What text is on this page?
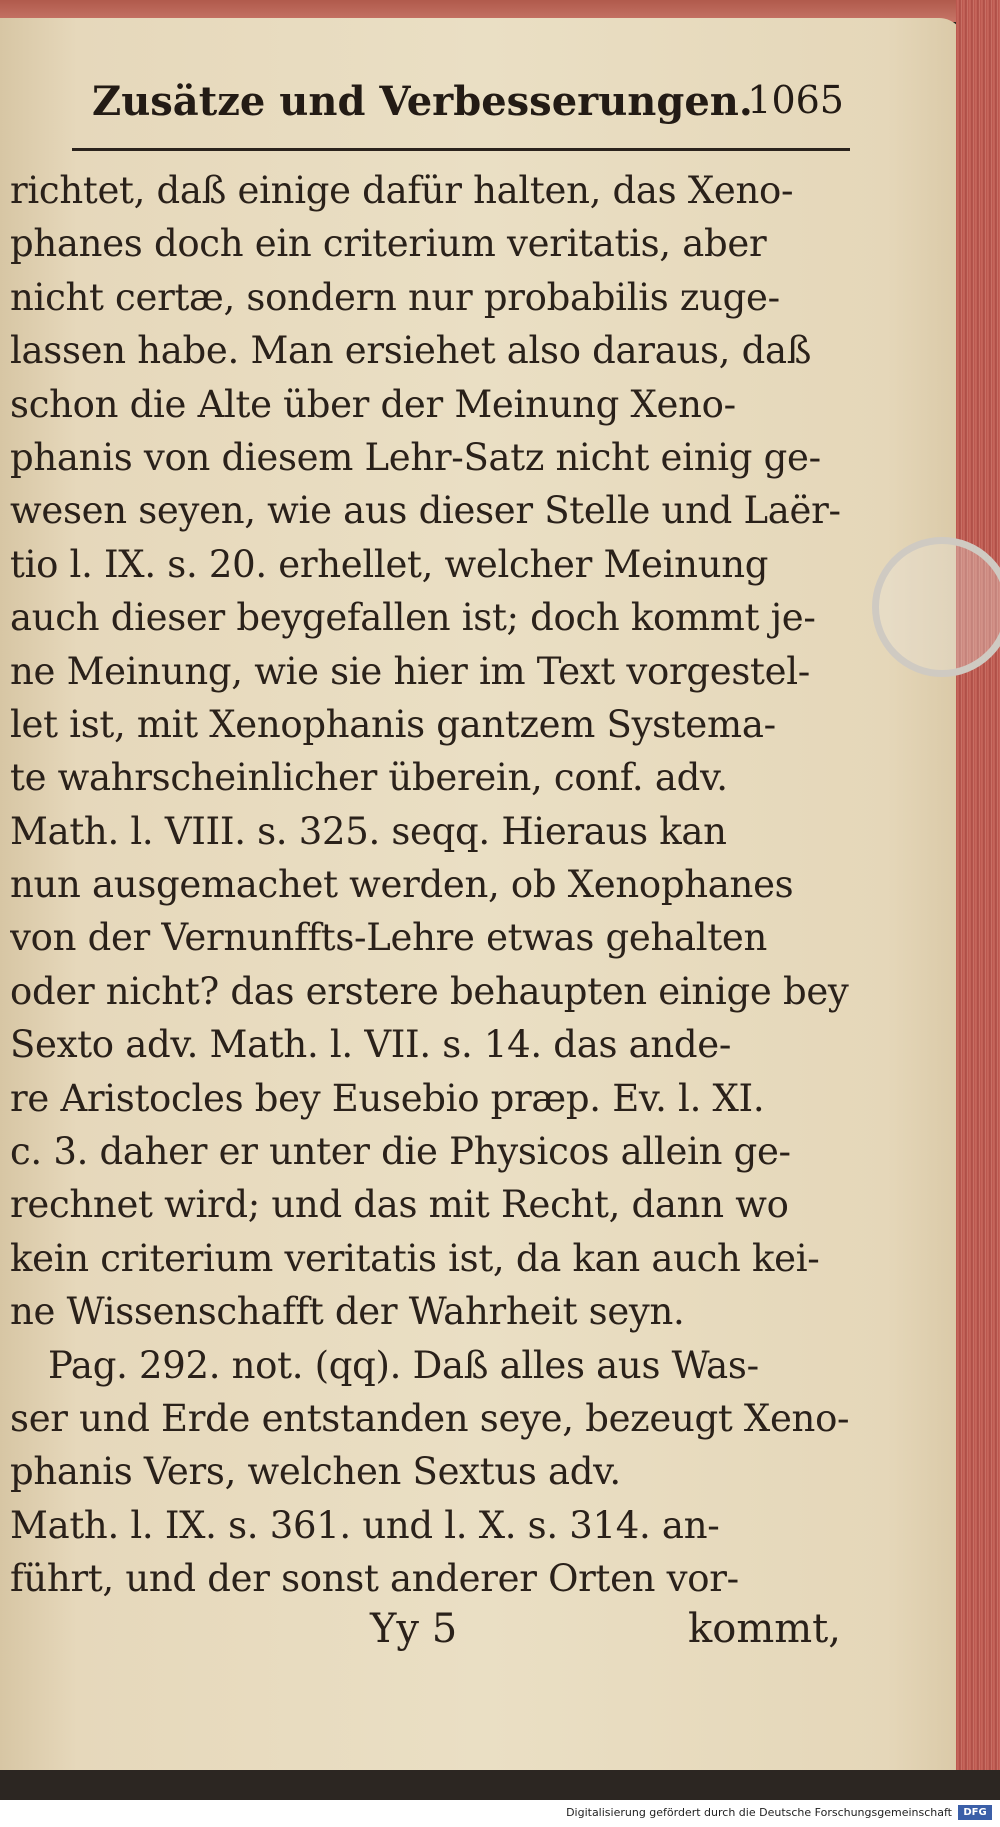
Zusätze und Verbesserungen.
1065
richtet, daß einige dafür halten, das Xeno-
phanes doch ein criterium veritatis, aber
nicht certæ, sondern nur probabilis zuge-
lassen habe. Man ersiehet also daraus, daß
schon die Alte über der Meinung Xeno-
phanis von diesem Lehr-Satz nicht einig ge-
wesen seyen, wie aus dieser Stelle und Laër-
tio l. IX. s. 20. erhellet, welcher Meinung
auch dieser beygefallen ist; doch kommt je-
ne Meinung, wie sie hier im Text vorgestel-
let ist, mit Xenophanis gantzem Systema-
te wahrscheinlicher überein, conf. adv.
Math. l. VIII. s. 325. seqq. Hieraus kan
nun ausgemachet werden, ob Xenophanes
von der Vernunffts-Lehre etwas gehalten
oder nicht? das erstere behaupten einige bey
Sexto adv. Math. l. VII. s. 14. das ande-
re Aristocles bey Eusebio præp. Ev. l. XI.
c. 3. daher er unter die Physicos allein ge-
rechnet wird; und das mit Recht, dann wo
kein criterium veritatis ist, da kan auch kei-
ne Wissenschafft der Wahrheit seyn.
Pag. 292. not. (qq). Daß alles aus Was-
ser und Erde entstanden seye, bezeugt Xeno-
phanis Vers, welchen Sextus adv.
Math. l. IX. s. 361. und l. X. s. 314. an-
führt, und der sonst anderer Orten vor-
Yy 5	kommt,
Digitalisierung gefördert durch die Deutsche Forschungsgemeinschaft	DFG
